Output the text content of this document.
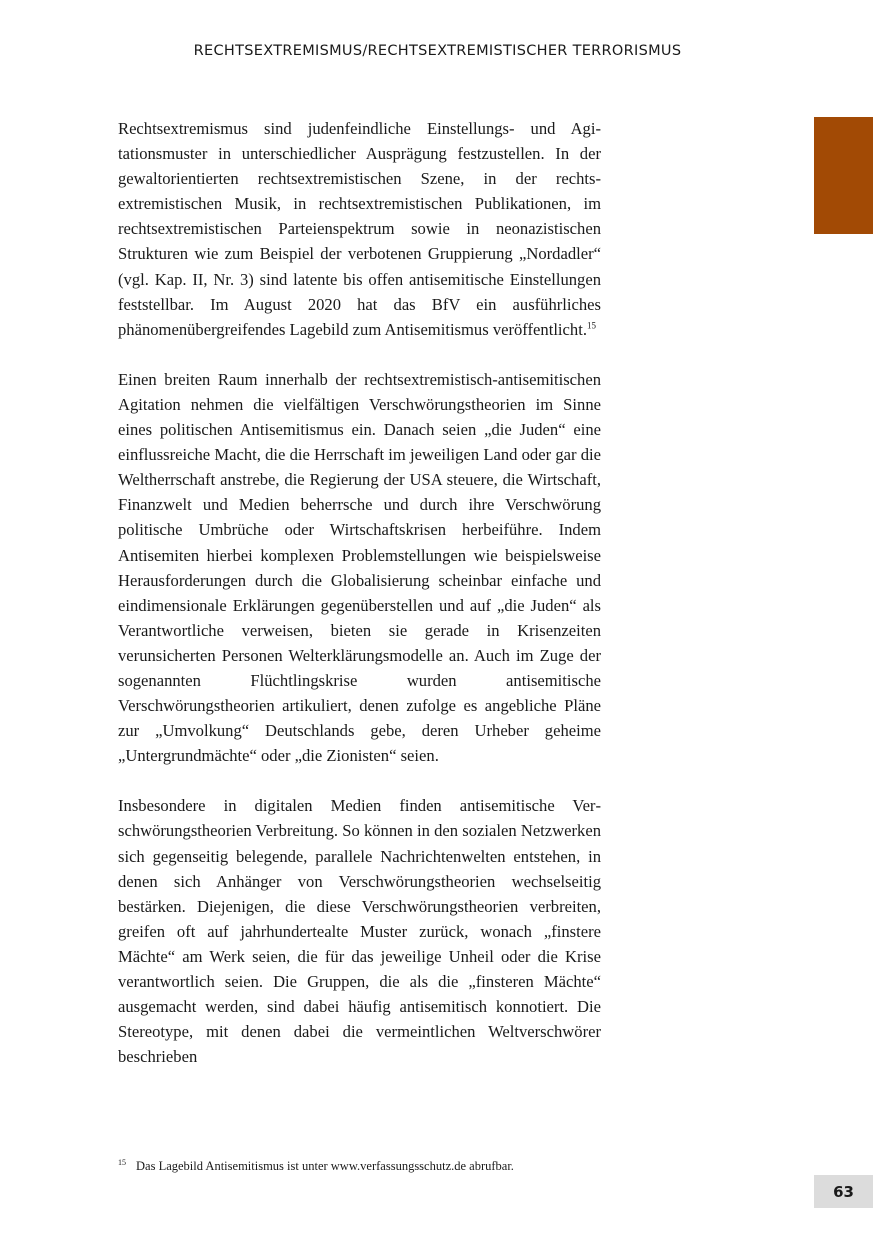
RECHTSEXTREMISMUS/RECHTSEXTREMISTISCHER TERRORISMUS

Rechtsextremismus sind judenfeindliche Einstellungs- und Agitationsmuster in unterschiedlicher Ausprägung festzustellen. In der gewaltorientierten rechtsextremistischen Szene, in der rechtsextremistischen Musik, in rechtsextremistischen Publikationen, im rechtsextremistischen Parteienspektrum sowie in neonazistischen Strukturen wie zum Beispiel der verbotenen Gruppierung „Nordadler“ (vgl. Kap. II, Nr. 3) sind latente bis offen antisemitische Einstellungen feststellbar. Im August 2020 hat das BfV ein ausführliches phänomenübergreifendes Lagebild zum Antisemitismus veröffentlicht.$^{15}$

Einen breiten Raum innerhalb der rechtsextremistisch-antisemitischen Agitation nehmen die vielfältigen Verschwörungstheorien im Sinne eines politischen Antisemitismus ein. Danach seien „die Juden“ eine einflussreiche Macht, die die Herrschaft im jeweiligen Land oder gar die Weltherrschaft anstrebe, die Regierung der USA steuere, die Wirtschaft, Finanzwelt und Medien beherrsche und durch ihre Verschwörung politische Umbrüche oder Wirtschaftskrisen herbeiführe. Indem Antisemiten hierbei komplexen Problemstellungen wie beispielsweise Herausforderungen durch die Globalisierung scheinbar einfache und eindimensionale Erklärungen gegenüberstellen und auf „die Juden“ als Verantwortliche verweisen, bieten sie gerade in Krisenzeiten verunsicherten Personen Welterklärungsmodelle an. Auch im Zuge der sogenannten Flüchtlingskrise wurden antisemitische Verschwörungstheorien artikuliert, denen zufolge es angebliche Pläne zur „Umvolkung“ Deutschlands gebe, deren Urheber geheime „Untergrundmächte“ oder „die Zionisten“ seien.

Insbesondere in digitalen Medien finden antisemitische Verschwörungstheorien Verbreitung. So können in den sozialen Netzwerken sich gegenseitig belegende, parallele Nachrichtenwelten entstehen, in denen sich Anhänger von Verschwörungstheorien wechselseitig bestärken. Diejenigen, die diese Verschwörungstheorien verbreiten, greifen oft auf jahrhundertealte Muster zurück, wonach „finstere Mächte“ am Werk seien, die für das jeweilige Unheil oder die Krise verantwortlich seien. Die Gruppen, die als die „finsteren Mächte“ ausgemacht werden, sind dabei häufig antisemitisch konnotiert. Die Stereotype, mit denen dabei die vermeintlichen Weltverschwörer beschrieben

15 Das Lagebild Antisemitismus ist unter www.verfassungsschutz.de abrufbar.
63
